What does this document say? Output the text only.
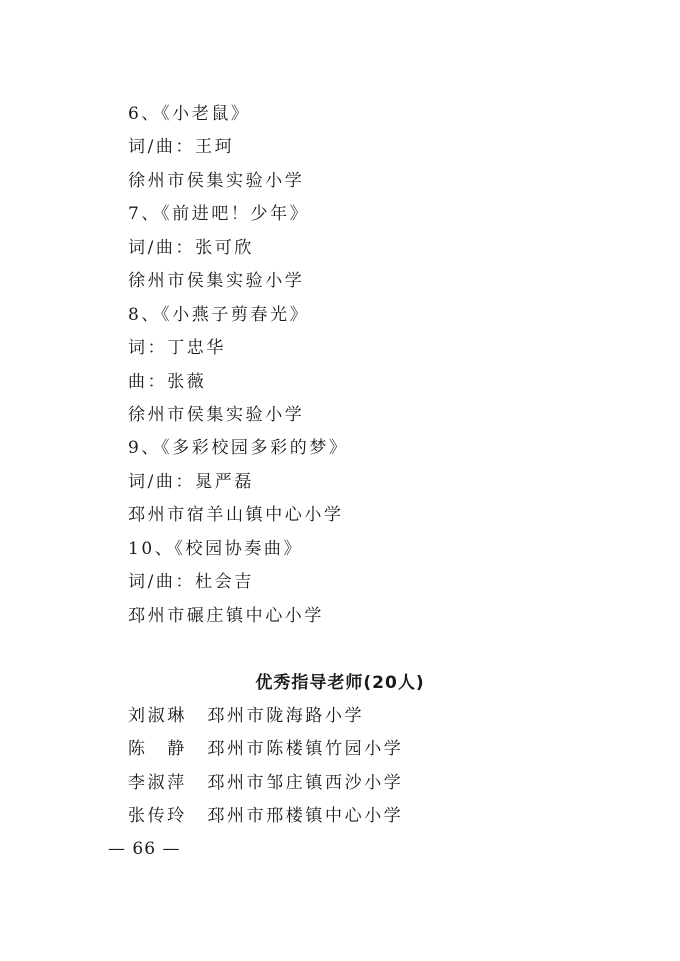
6、《小老鼠》
词/曲：王珂
徐州市侯集实验小学
7、《前进吧！少年》
词/曲：张可欣
徐州市侯集实验小学
8、《小燕子剪春光》
词：丁忠华
曲：张薇
徐州市侯集实验小学
9、《多彩校园多彩的梦》
词/曲：晁严磊
邳州市宿羊山镇中心小学
10、《校园协奏曲》
词/曲：杜会吉
邳州市碾庄镇中心小学
优秀指导老师(20人)
刘淑琳 邳州市陇海路小学
陈　静 邳州市陈楼镇竹园小学
李淑萍 邳州市邹庄镇西沙小学
张传玲 邳州市邢楼镇中心小学
— 66 —
